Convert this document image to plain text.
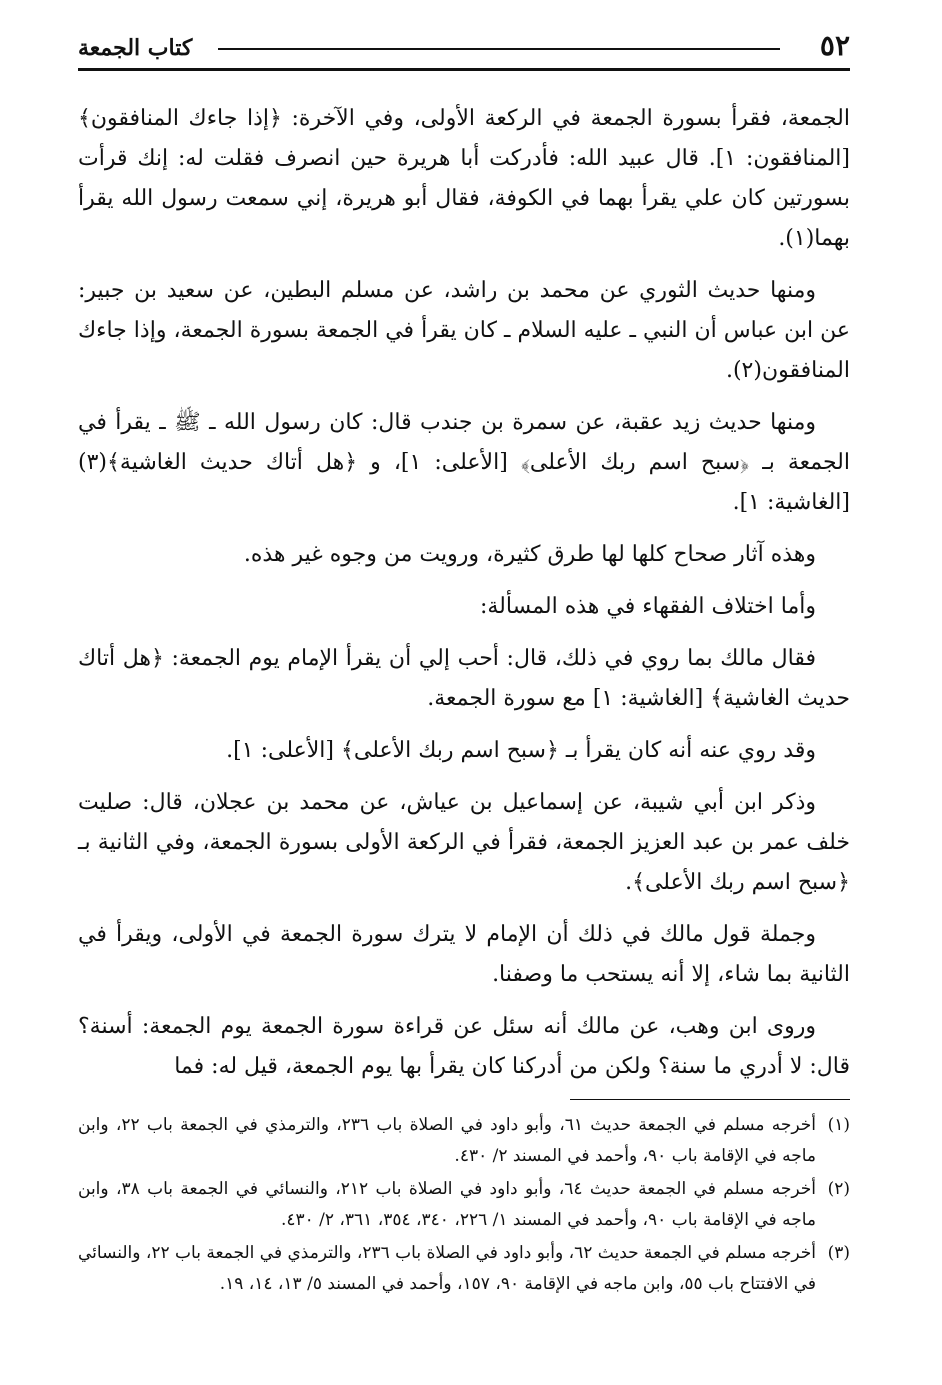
٥٢
كتاب الجمعة

الجمعة، فقرأ بسورة الجمعة في الركعة الأولى، وفي الآخرة: ﴿إذا جاءك المنافقون﴾ [المنافقون: ١]. قال عبيد الله: فأدركت أبا هريرة حين انصرف فقلت له: إنك قرأت بسورتين كان علي يقرأ بهما في الكوفة، فقال أبو هريرة، إني سمعت رسول الله يقرأ بهما(١).

ومنها حديث الثوري عن محمد بن راشد، عن مسلم البطين، عن سعيد بن جبير: عن ابن عباس أن النبي ـ عليه السلام ـ كان يقرأ في الجمعة بسورة الجمعة، وإذا جاءك المنافقون(٢).

ومنها حديث زيد عقبة، عن سمرة بن جندب قال: كان رسول الله ـ ﷺ ـ يقرأ في الجمعة بـ ﴿سبح اسم ربك الأعلى﴾ [الأعلى: ١]، و ﴿هل أتاك حديث الغاشية﴾(٣) [الغاشية: ١].

وهذه آثار صحاح كلها لها طرق كثيرة، ورويت من وجوه غير هذه.

وأما اختلاف الفقهاء في هذه المسألة:

فقال مالك بما روي في ذلك، قال: أحب إلي أن يقرأ الإمام يوم الجمعة: ﴿هل أتاك حديث الغاشية﴾ [الغاشية: ١] مع سورة الجمعة.

وقد روي عنه أنه كان يقرأ بـ ﴿سبح اسم ربك الأعلى﴾ [الأعلى: ١].

وذكر ابن أبي شيبة، عن إسماعيل بن عياش، عن محمد بن عجلان، قال: صليت خلف عمر بن عبد العزيز الجمعة، فقرأ في الركعة الأولى بسورة الجمعة، وفي الثانية بـ ﴿سبح اسم ربك الأعلى﴾.

وجملة قول مالك في ذلك أن الإمام لا يترك سورة الجمعة في الأولى، ويقرأ في الثانية بما شاء، إلا أنه يستحب ما وصفنا.

وروى ابن وهب، عن مالك أنه سئل عن قراءة سورة الجمعة يوم الجمعة: أسنة؟ قال: لا أدري ما سنة؟ ولكن من أدركنا كان يقرأ بها يوم الجمعة، قيل له: فما

(١)
أخرجه مسلم في الجمعة حديث ٦١، وأبو داود في الصلاة باب ٢٣٦، والترمذي في الجمعة باب ٢٢، وابن ماجه في الإقامة باب ٩٠، وأحمد في المسند ٢/ ٤٣٠.
(٢)
أخرجه مسلم في الجمعة حديث ٦٤، وأبو داود في الصلاة باب ٢١٢، والنسائي في الجمعة باب ٣٨، وابن ماجه في الإقامة باب ٩٠، وأحمد في المسند ١/ ٢٢٦، ٣٤٠، ٣٥٤، ٣٦١، ٢/ ٤٣٠.
(٣)
أخرجه مسلم في الجمعة حديث ٦٢، وأبو داود في الصلاة باب ٢٣٦، والترمذي في الجمعة باب ٢٢، والنسائي في الافتتاح باب ٥٥، وابن ماجه في الإقامة ٩٠، ١٥٧، وأحمد في المسند ٥/ ١٣، ١٤، ١٩.
